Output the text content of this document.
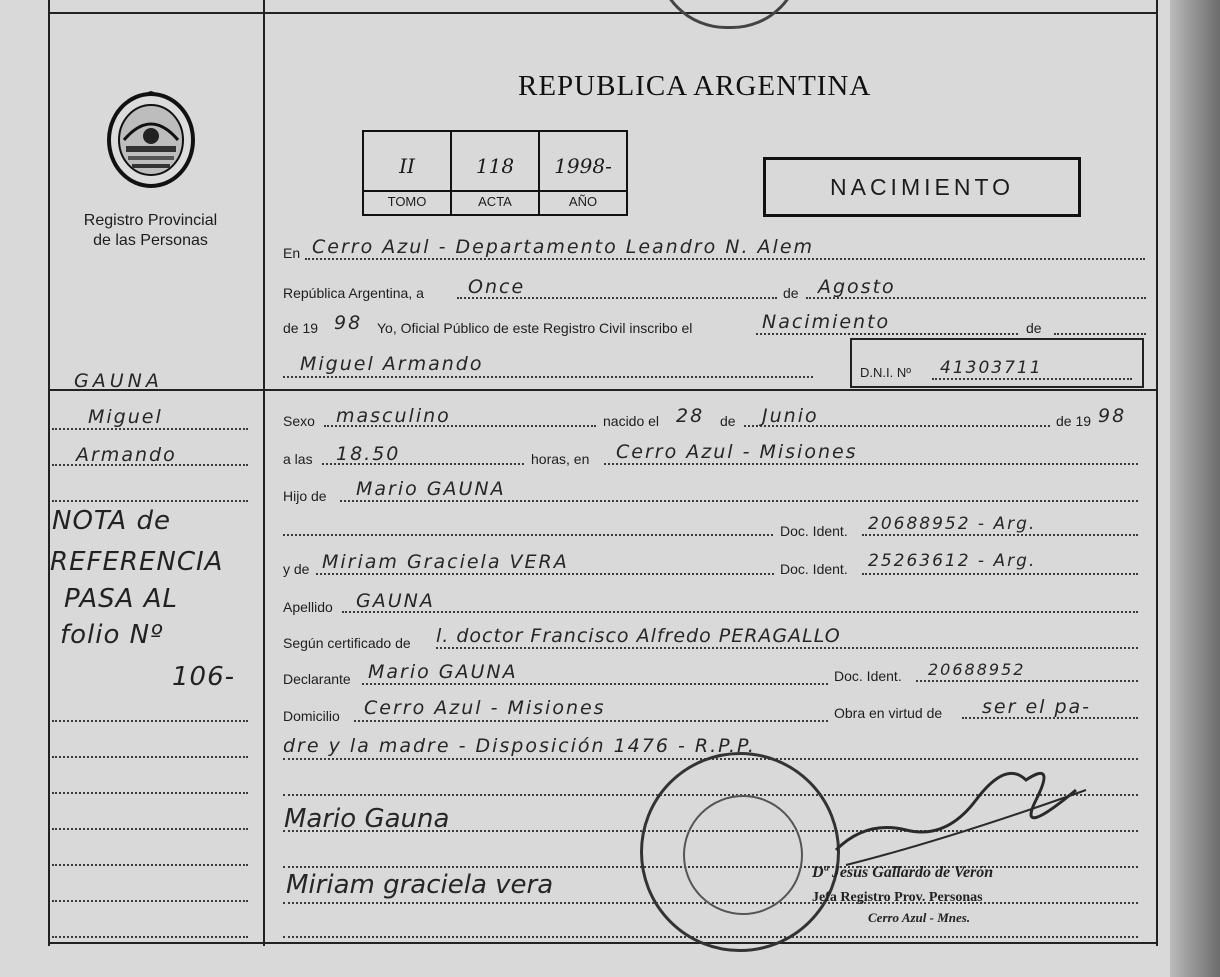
Registro Provincial
de las Personas
REPUBLICA ARGENTINA
II	118	1998-
TOMO	ACTA	AÑO
NACIMIENTO
En Cerro Azul - Departamento Leandro N. Alem
República Argentina, a Once	de Agosto
de 19 98 Yo, Oficial Público de este Registro Civil inscribo el	Nacimiento	de
Miguel Armando	D.N.I. Nº 41303711
GAUNA
Miguel
Armando
NOTA de
REFERENCIA
PASA AL
folio Nº
106-
Sexo masculino	nacido el 28 de Junio	de 19 98
a las 18.50	horas, en Cerro Azul - Misiones
Hijo de Mario GAUNA
Doc. Ident. 20688952 - Arg.
y de Miriam Graciela VERA	Doc. Ident. 25263612 - Arg.
Apellido GAUNA
Según certificado de l. doctor Francisco Alfredo PERAGALLO
Declarante Mario GAUNA	Doc. Ident. 20688952
Domicilio Cerro Azul - Misiones	Obra en virtud de ser el pa-
dre y la madre - Disposición 1476 - R.P.P.
Mario Gauna
Miriam graciela vera	Dª Jesús Gallardo de Verón
Jefa Registro Prov. Personas
Cerro Azul - Mnes.
